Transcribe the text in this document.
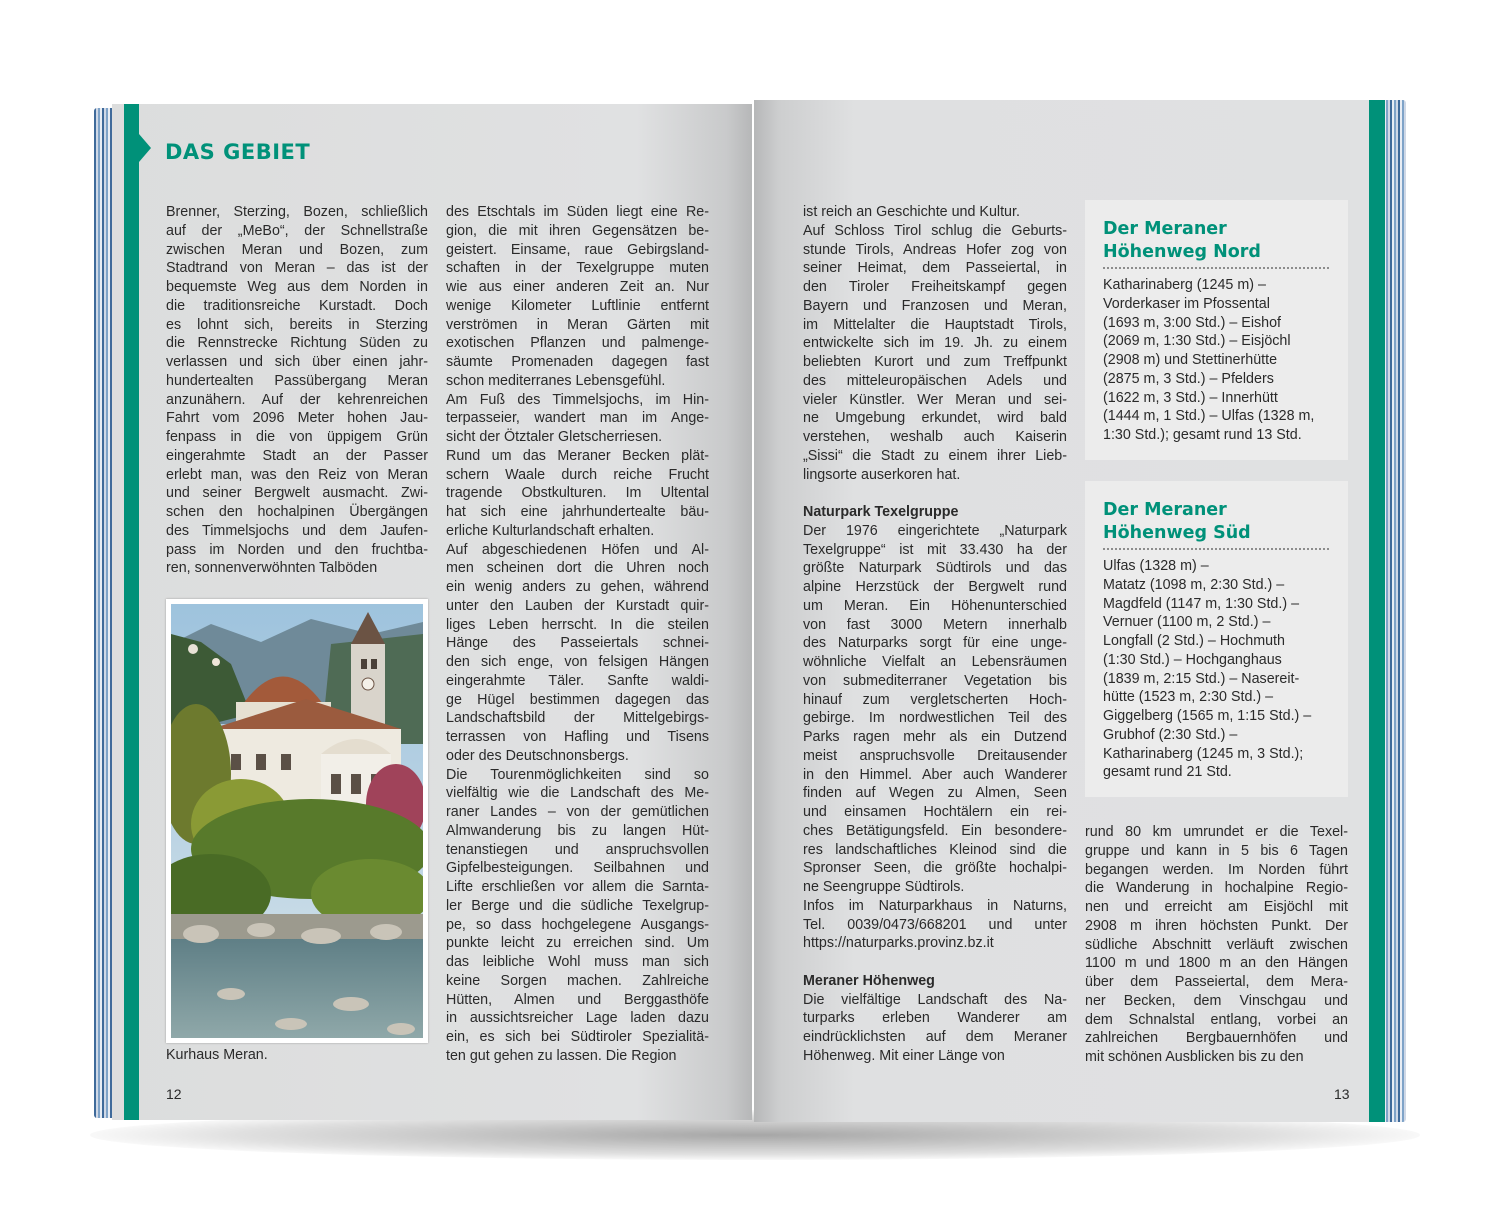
DAS GEBIET

Brenner, Sterzing, Bozen, schließlich

auf der „MeBo“, der Schnellstraße

zwischen Meran und Bozen, zum

Stadtrand von Meran – das ist der

bequemste Weg aus dem Norden in

die traditionsreiche Kurstadt. Doch

es lohnt sich, bereits in Sterzing

die Rennstrecke Richtung Süden zu

verlassen und sich über einen jahr-

hundertealten Passübergang Meran

anzunähern. Auf der kehrenreichen

Fahrt vom 2096 Meter hohen Jau-

fenpass in die von üppigem Grün

eingerahmte Stadt an der Passer

erlebt man, was den Reiz von Meran

und seiner Bergwelt ausmacht. Zwi-

schen den hochalpinen Übergängen

des Timmelsjochs und dem Jaufen-

pass im Norden und den fruchtba-

ren, sonnenverwöhnten Talböden

Kurhaus Meran.

des Etschtals im Süden liegt eine Re-

gion, die mit ihren Gegensätzen be-

geistert. Einsame, raue Gebirgsland-

schaften in der Texelgruppe muten

wie aus einer anderen Zeit an. Nur

wenige Kilometer Luftlinie entfernt

verströmen in Meran Gärten mit

exotischen Pflanzen und palmenge-

säumte Promenaden dagegen fast

schon mediterranes Lebensgefühl.

Am Fuß des Timmelsjochs, im Hin-

terpasseier, wandert man im Ange-

sicht der Ötztaler Gletscherriesen.

Rund um das Meraner Becken plät-

schern Waale durch reiche Frucht

tragende Obstkulturen. Im Ultental

hat sich eine jahrhundertealte bäu-

erliche Kulturlandschaft erhalten.

Auf abgeschiedenen Höfen und Al-

men scheinen dort die Uhren noch

ein wenig anders zu gehen, während

unter den Lauben der Kurstadt quir-

liges Leben herrscht. In die steilen

Hänge des Passeiertals schnei-

den sich enge, von felsigen Hängen

eingerahmte Täler. Sanfte waldi-

ge Hügel bestimmen dagegen das

Landschaftsbild der Mittelgebirgs-

terrassen von Hafling und Tisens

oder des Deutschnonsbergs.

Die Tourenmöglichkeiten sind so

vielfältig wie die Landschaft des Me-

raner Landes – von der gemütlichen

Almwanderung bis zu langen Hüt-

tenanstiegen und anspruchsvollen

Gipfelbesteigungen. Seilbahnen und

Lifte erschließen vor allem die Sarnta-

ler Berge und die südliche Texelgrup-

pe, so dass hochgelegene Ausgangs-

punkte leicht zu erreichen sind. Um

das leibliche Wohl muss man sich

keine Sorgen machen. Zahlreiche

Hütten, Almen und Berggasthöfe

in aussichtsreicher Lage laden dazu

ein, es sich bei Südtiroler Spezialitä-

ten gut gehen zu lassen. Die Region

12

ist reich an Geschichte und Kultur.

Auf Schloss Tirol schlug die Geburts-

stunde Tirols, Andreas Hofer zog von

seiner Heimat, dem Passeiertal, in

den Tiroler Freiheitskampf gegen

Bayern und Franzosen und Meran,

im Mittelalter die Hauptstadt Tirols,

entwickelte sich im 19. Jh. zu einem

beliebten Kurort und zum Treffpunkt

des mitteleuropäischen Adels und

vieler Künstler. Wer Meran und sei-

ne Umgebung erkundet, wird bald

verstehen, weshalb auch Kaiserin

„Sissi“ die Stadt zu einem ihrer Lieb-

lingsorte auserkoren hat.

Naturpark Texelgruppe

Der 1976 eingerichtete „Naturpark

Texelgruppe“ ist mit 33.430 ha der

größte Naturpark Südtirols und das

alpine Herzstück der Bergwelt rund

um Meran. Ein Höhenunterschied

von fast 3000 Metern innerhalb

des Naturparks sorgt für eine unge-

wöhnliche Vielfalt an Lebensräumen

von submediterraner Vegetation bis

hinauf zum vergletscherten Hoch-

gebirge. Im nordwestlichen Teil des

Parks ragen mehr als ein Dutzend

meist anspruchsvolle Dreitausender

in den Himmel. Aber auch Wanderer

finden auf Wegen zu Almen, Seen

und einsamen Hochtälern ein rei-

ches Betätigungsfeld. Ein besondere-

res landschaftliches Kleinod sind die

Spronser Seen, die größte hochalpi-

ne Seengruppe Südtirols.

Infos im Naturparkhaus in Naturns,

Tel. 0039/0473/668201 und unter

https://naturparks.provinz.bz.it

Meraner Höhenweg

Die vielfältige Landschaft des Na-

turparks erleben Wanderer am

eindrücklichsten auf dem Meraner

Höhenweg. Mit einer Länge von

Der Meraner Höhenweg Nord

Katharinaberg (1245 m) –
Vorderkaser im Pfossental
(1693 m, 3:00 Std.) – Eishof
(2069 m, 1:30 Std.) – Eisjöchl
(2908 m) und Stettinerhütte
(2875 m, 3 Std.) – Pfelders
(1622 m, 3 Std.) – Innerhütt
(1444 m, 1 Std.) – Ulfas (1328 m,
1:30 Std.); gesamt rund 13 Std.

Der Meraner Höhenweg Süd

Ulfas (1328 m) –
Matatz (1098 m, 2:30 Std.) –
Magdfeld (1147 m, 1:30 Std.) –
Vernuer (1100 m, 2 Std.) –
Longfall (2 Std.) – Hochmuth
(1:30 Std.) – Hochganghaus
(1839 m, 2:15 Std.) – Nasereit-
hütte (1523 m, 2:30 Std.) –
Giggelberg (1565 m, 1:15 Std.) –
Grubhof (2:30 Std.) –
Katharinaberg (1245 m, 3 Std.);
gesamt rund 21 Std.

rund 80 km umrundet er die Texel-

gruppe und kann in 5 bis 6 Tagen

begangen werden. Im Norden führt

die Wanderung in hochalpine Regio-

nen und erreicht am Eisjöchl mit

2908 m ihren höchsten Punkt. Der

südliche Abschnitt verläuft zwischen

1100 m und 1800 m an den Hängen

über dem Passeiertal, dem Mera-

ner Becken, dem Vinschgau und

dem Schnalstal entlang, vorbei an

zahlreichen Bergbauernhöfen und

mit schönen Ausblicken bis zu den

13
